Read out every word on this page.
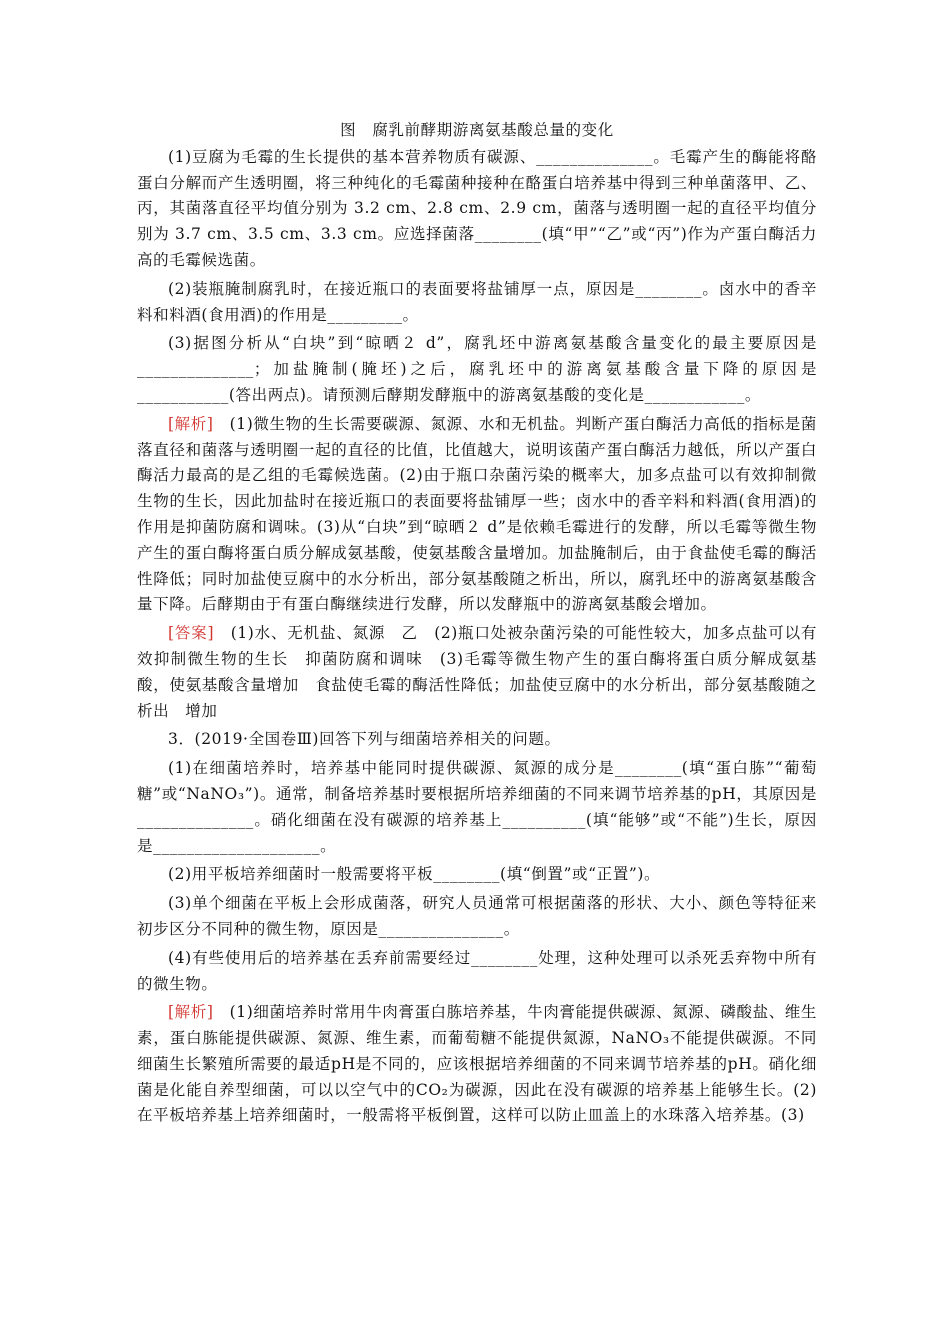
图　腐乳前酵期游离氨基酸总量的变化

(1)豆腐为毛霉的生长提供的基本营养物质有碳源、______________。毛霉产生的酶能将酪蛋白分解而产生透明圈，将三种纯化的毛霉菌种接种在酪蛋白培养基中得到三种单菌落甲、乙、丙，其菌落直径平均值分别为 3.2 cm、2.8 cm、2.9 cm，菌落与透明圈一起的直径平均值分别为 3.7 cm、3.5 cm、3.3 cm。应选择菌落________(填“甲”“乙”或“丙”)作为产蛋白酶活力高的毛霉候选菌。

(2)装瓶腌制腐乳时，在接近瓶口的表面要将盐铺厚一点，原因是________。卤水中的香辛料和料酒(食用酒)的作用是_________。

(3)据图分析从“白块”到“晾晒２ d”，腐乳坯中游离氨基酸含量变化的最主要原因是______________；加盐腌制(腌坯)之后，腐乳坯中的游离氨基酸含量下降的原因是___________(答出两点)。请预测后酵期发酵瓶中的游离氨基酸的变化是____________。

[解析]　(1)微生物的生长需要碳源、氮源、水和无机盐。判断产蛋白酶活力高低的指标是菌落直径和菌落与透明圈一起的直径的比值，比值越大，说明该菌产蛋白酶活力越低，所以产蛋白酶活力最高的是乙组的毛霉候选菌。(2)由于瓶口杂菌污染的概率大，加多点盐可以有效抑制微生物的生长，因此加盐时在接近瓶口的表面要将盐铺厚一些；卤水中的香辛料和料酒(食用酒)的作用是抑菌防腐和调味。(3)从“白块”到“晾晒２ d”是依赖毛霉进行的发酵，所以毛霉等微生物产生的蛋白酶将蛋白质分解成氨基酸，使氨基酸含量增加。加盐腌制后，由于食盐使毛霉的酶活性降低；同时加盐使豆腐中的水分析出，部分氨基酸随之析出，所以，腐乳坯中的游离氨基酸含量下降。后酵期由于有蛋白酶继续进行发酵，所以发酵瓶中的游离氨基酸会增加。

[答案]　(1)水、无机盐、氮源　乙　(2)瓶口处被杂菌污染的可能性较大，加多点盐可以有效抑制微生物的生长　抑菌防腐和调味　(3)毛霉等微生物产生的蛋白酶将蛋白质分解成氨基酸，使氨基酸含量增加　食盐使毛霉的酶活性降低；加盐使豆腐中的水分析出，部分氨基酸随之析出　增加

3．(2019·全国卷Ⅲ)回答下列与细菌培养相关的问题。

(1)在细菌培养时，培养基中能同时提供碳源、氮源的成分是________(填“蛋白胨”“葡萄糖”或“NaNO₃”)。通常，制备培养基时要根据所培养细菌的不同来调节培养基的pH，其原因是______________。硝化细菌在没有碳源的培养基上__________(填“能够”或“不能”)生长，原因是____________________。

(2)用平板培养细菌时一般需要将平板________(填“倒置”或“正置”)。

(3)单个细菌在平板上会形成菌落，研究人员通常可根据菌落的形状、大小、颜色等特征来初步区分不同种的微生物，原因是_______________。

(4)有些使用后的培养基在丢弃前需要经过________处理，这种处理可以杀死丢弃物中所有的微生物。

[解析]　(1)细菌培养时常用牛肉膏蛋白胨培养基，牛肉膏能提供碳源、氮源、磷酸盐、维生素，蛋白胨能提供碳源、氮源、维生素，而葡萄糖不能提供氮源，NaNO₃不能提供碳源。不同细菌生长繁殖所需要的最适pH是不同的，应该根据培养细菌的不同来调节培养基的pH。硝化细菌是化能自养型细菌，可以以空气中的CO₂为碳源，因此在没有碳源的培养基上能够生长。(2)在平板培养基上培养细菌时，一般需将平板倒置，这样可以防止皿盖上的水珠落入培养基。(3)
